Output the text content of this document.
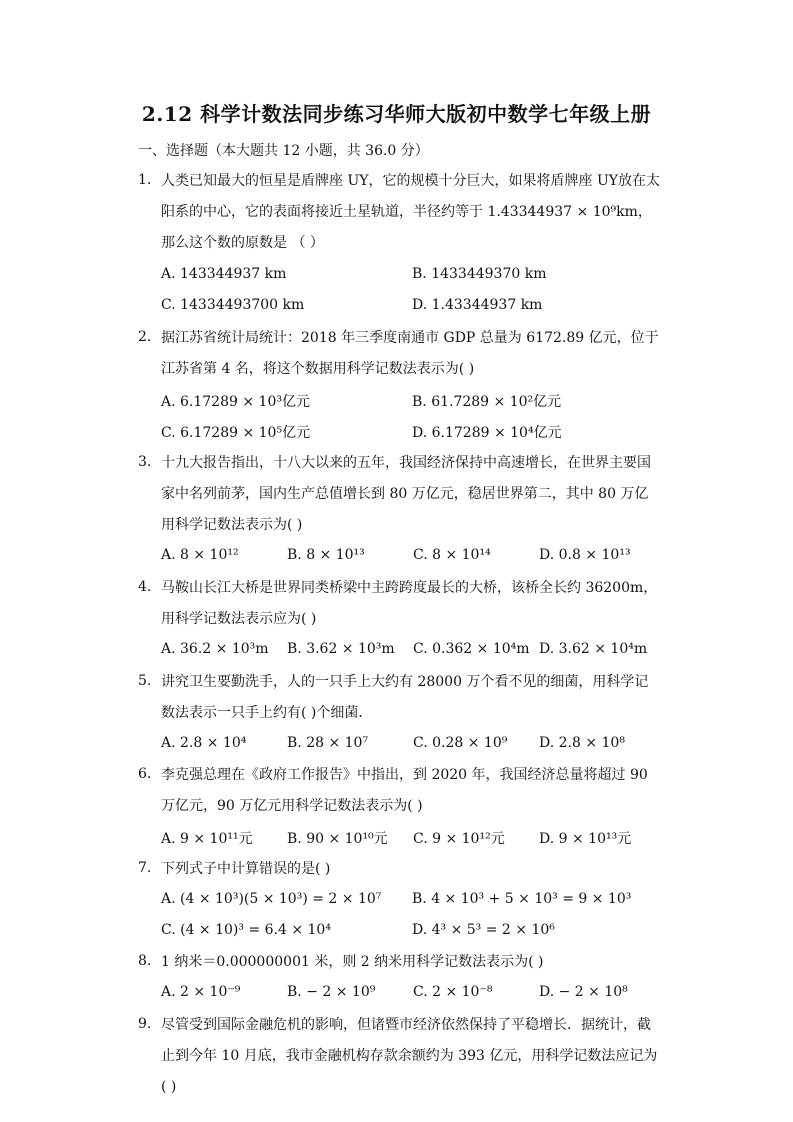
2.12 科学计数法同步练习华师大版初中数学七年级上册
一、选择题（本大题共 12 小题，共 36.0 分）
1. 人类已知最大的恒星是盾牌座 UY，它的规模十分巨大，如果将盾牌座 UY放在太阳系的中心，它的表面将接近土星轨道，半径约等于 1.43344937 × 10⁹km，那么这个数的原数是 （ ）
A. 143344937 km	B. 1433449370 km
C. 14334493700 km	D. 1.43344937 km
2. 据江苏省统计局统计：2018 年三季度南通市 GDP 总量为 6172.89 亿元，位于江苏省第 4 名，将这个数据用科学记数法表示为( )
A. 6.17289 × 10³亿元	B. 61.7289 × 10²亿元
C. 6.17289 × 10⁵亿元	D. 6.17289 × 10⁴亿元
3. 十九大报告指出，十八大以来的五年，我国经济保持中高速增长，在世界主要国家中名列前茅，国内生产总值增长到 80 万亿元，稳居世界第二，其中 80 万亿用科学记数法表示为( )
A. 8 × 10¹²	B. 8 × 10¹³	C. 8 × 10¹⁴	D. 0.8 × 10¹³
4. 马鞍山长江大桥是世界同类桥梁中主跨跨度最长的大桥，该桥全长约 36200m，用科学记数法表示应为( )
A. 36.2 × 10³m B. 3.62 × 10³m C. 0.362 × 10⁴m D. 3.62 × 10⁴m
5. 讲究卫生要勤洗手，人的一只手上大约有 28000 万个看不见的细菌，用科学记数法表示一只手上约有( )个细菌．
A. 2.8 × 10⁴	B. 28 × 10⁷	C. 0.28 × 10⁹ D. 2.8 × 10⁸
6. 李克强总理在《政府工作报告》中指出，到 2020 年，我国经济总量将超过 90 万亿元，90 万亿元用科学记数法表示为( )
A. 9 × 10¹¹元 B. 90 × 10¹⁰元 C. 9 × 10¹²元 D. 9 × 10¹³元
7. 下列式子中计算错误的是( )
A. (4 × 10³)(5 × 10³) = 2 × 10⁷ B. 4 × 10³ + 5 × 10³ = 9 × 10³
C. (4 × 10)³ = 6.4 × 10⁴	D. 4³ × 5³ = 2 × 10⁶
8. 1 纳米＝0.000000001 米，则 2 纳米用科学记数法表示为( )
A. 2 × 10⁻⁹	B. − 2 × 10⁹	C. 2 × 10⁻⁸	D. − 2 × 10⁸
9. 尽管受到国际金融危机的影响，但诸暨市经济依然保持了平稳增长．据统计，截止到今年 10 月底，我市金融机构存款余额约为 393 亿元，用科学记数法应记为( )
